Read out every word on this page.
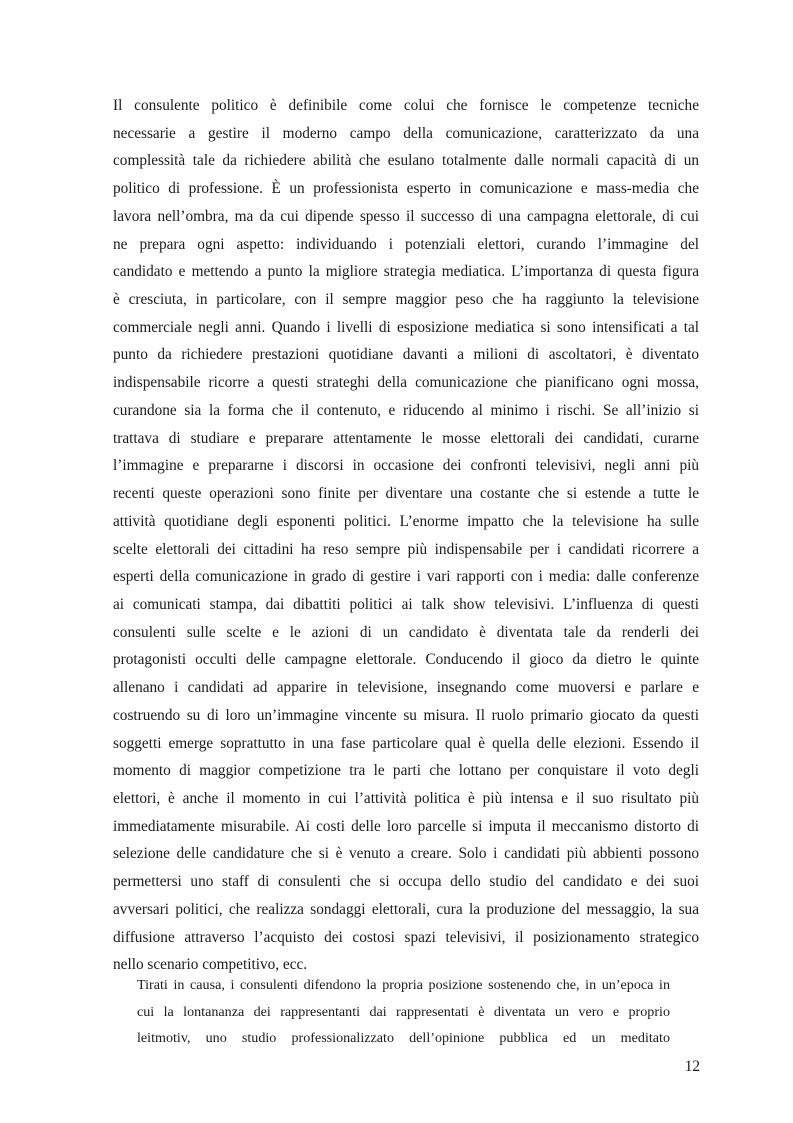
Il consulente politico è definibile come colui che fornisce le competenze tecniche
necessarie a gestire il moderno campo della comunicazione, caratterizzato da una
complessità tale da richiedere abilità che esulano totalmente dalle normali capacità di un
politico di professione. È un professionista esperto in comunicazione e mass-media che
lavora nell’ombra, ma da cui dipende spesso il successo di una campagna elettorale, di cui
ne prepara ogni aspetto: individuando i potenziali elettori, curando l’immagine del
candidato e mettendo a punto la migliore strategia mediatica. L’importanza di questa figura
è cresciuta, in particolare, con il sempre maggior peso che ha raggiunto la televisione
commerciale negli anni. Quando i livelli di esposizione mediatica si sono intensificati a tal
punto da richiedere prestazioni quotidiane davanti a milioni di ascoltatori, è diventato
indispensabile ricorre a questi strateghi della comunicazione che pianificano ogni mossa,
curandone sia la forma che il contenuto, e riducendo al minimo i rischi. Se all’inizio si
trattava di studiare e preparare attentamente le mosse elettorali dei candidati, curarne
l’immagine e prepararne i discorsi in occasione dei confronti televisivi, negli anni più
recenti queste operazioni sono finite per diventare una costante che si estende a tutte le
attività quotidiane degli esponenti politici. L’enorme impatto che la televisione ha sulle
scelte elettorali dei cittadini ha reso sempre più indispensabile per i candidati ricorrere a
esperti della comunicazione in grado di gestire i vari rapporti con i media: dalle conferenze
ai comunicati stampa, dai dibattiti politici ai talk show televisivi. L’influenza di questi
consulenti sulle scelte e le azioni di un candidato è diventata tale da renderli dei
protagonisti occulti delle campagne elettorale. Conducendo il gioco da dietro le quinte
allenano i candidati ad apparire in televisione, insegnando come muoversi e parlare e
costruendo su di loro un’immagine vincente su misura. Il ruolo primario giocato da questi
soggetti emerge soprattutto in una fase particolare qual è quella delle elezioni. Essendo il
momento di maggior competizione tra le parti che lottano per conquistare il voto degli
elettori, è anche il momento in cui l’attività politica è più intensa e il suo risultato più
immediatamente misurabile. Ai costi delle loro parcelle si imputa il meccanismo distorto di
selezione delle candidature che si è venuto a creare. Solo i candidati più abbienti possono
permettersi uno staff di consulenti che si occupa dello studio del candidato e dei suoi
avversari politici, che realizza sondaggi elettorali, cura la produzione del messaggio, la sua
diffusione attraverso l’acquisto dei costosi spazi televisivi, il posizionamento strategico
nello scenario competitivo, ecc.
Tirati in causa, i consulenti difendono la propria posizione sostenendo che, in un’epoca in
cui la lontananza dei rappresentanti dai rappresentati è diventata un vero e proprio
leitmotiv, uno studio professionalizzato dell’opinione pubblica ed un meditato
12
